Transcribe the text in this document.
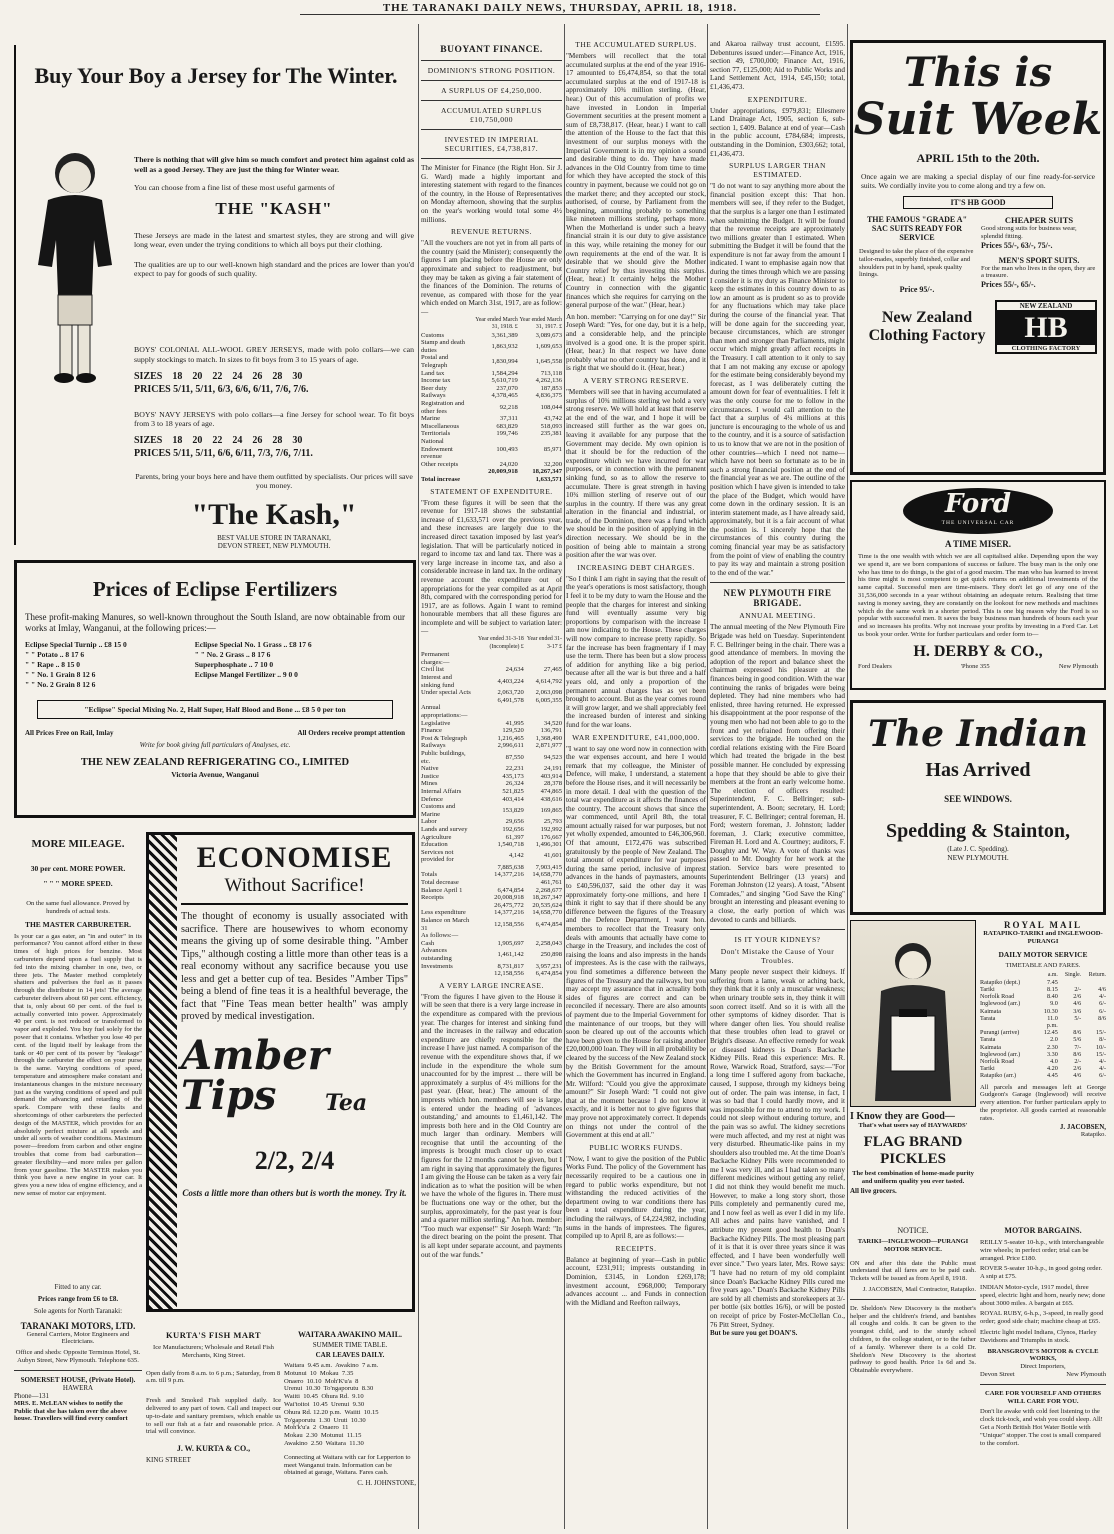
THE TARANAKI DAILY NEWS, THURSDAY, APRIL 18, 1918.
Buy Your Boy a Jersey for The Winter.

There is nothing that will give him so much comfort and protect him against cold as well as a good Jersey. They are just the thing for Winter wear.

You can choose from a fine list of these most useful garments of

THE "KASH"

These Jerseys are made in the latest and smartest styles, they are strong and will give long wear, even under the trying conditions to which all boys put their clothing.

The qualities are up to our well-known high standard and the prices are lower than you'd expect to pay for goods of such quality.

BOYS' COLONIAL ALL-WOOL GREY JERSEYS, made with polo collars—we can supply stockings to match. In sizes to fit boys from 3 to 15 years of age.

SIZES    18    20    22    24    26    28    30
PRICES 5/11, 5/11, 6/3, 6/6, 6/11, 7/6, 7/6.

BOYS' NAVY JERSEYS with polo collars—a fine Jersey for school wear. To fit boys from 3 to 18 years of age.

SIZES    18    20    22    24    26    28    30
PRICES 5/11, 5/11, 6/6, 6/11, 7/3, 7/6, 7/11.

Parents, bring your boys here and have them outfitted by specialists. Our prices will save you money.

"The Kash,"
BEST VALUE STORE IN TARANAKI,
DEVON STREET, NEW PLYMOUTH.
Prices of Eclipse Fertilizers

These profit-making Manures, so well-known throughout the South Island, are now obtainable from our works at Imlay, Wanganui, at the following prices:—

Eclipse Special Turnip .. £8 15 0
" " Potato .. 8 17 6
" " Rape .. 8 15 0
" " No. 1 Grain 8 12 6
" " No. 2 Grain 8 12 6
Eclipse Special No. 1 Grass .. £8 17 6
" " No. 2 Grass .. 8 17 6
Superphosphate .. 7 10 0
Eclipse Mangel Fertilizer .. 9 0 0
"Eclipse" Special Mixing No. 2, Half Super, Half Blood and Bone ... £8 5 0 per ton
All Prices Free on Rail, Imlay	All Orders receive prompt attention
Write for book giving full particulars of Analyses, etc.
THE NEW ZEALAND REFRIGERATING CO., LIMITED
Victoria Avenue, Wanganui
MORE MILEAGE.
30 per cent. MORE POWER.
" " " MORE SPEED.

On the same fuel allowance. Proved by hundreds of actual tests.

THE MASTER CARBURETER.

Is your car a gas eater, an "in and outer" in its performance? You cannot afford either in these times of high prices for benzine. Most carbureters depend upon a fuel supply that is fed into the mixing chamber in one, two, or three jets. The Master method completely shatters and pulverises the fuel as it passes through the distributor in 14 jets! The average carbureter delivers about 60 per cent. efficiency, that is, only about 60 per cent. of the fuel is actually converted into power. Approximately 40 per cent. is not reduced or transformed to vapor and exploded. You buy fuel solely for the power that it contains. Whether you lose 40 per cent. of the liquid itself by leakage from the tank or 40 per cent of its power by "leakage" through the carbureter the effect on your purse is the same. Varying conditions of speed, temperature and atmosphere make constant and instantaneous changes in the mixture necessary just as the varying conditions of speed and pull demand the advancing and retarding of the spark. Compare with these faults and shortcomings of other carbureters the perfected design of the MASTER, which provides for an absolutely perfect mixture at all speeds and under all sorts of weather conditions. Maximum power—freedom from carbon and other engine troubles that come from bad carburation—greater flexibility—and more miles per gallon from your gasoline. The MASTER makes you think you have a new engine in your car. It gives you a new idea of engine efficiency, and a new sense of motor car enjoyment.

Fitted to any car.
Prices range from £6 to £8.
Sole agents for North Taranaki:
TARANAKI MOTORS, LTD.

General Carriers, Motor Engineers and Electricians.

Office and sheds: Opposite Terminus Hotel, St. Aubyn Street, New Plymouth. Telephone 635.

SOMERSET HOUSE, (Private Hotel).
HAWERA
Phone—131

MRS. E. McLEAN wishes to notify the Public that she has taken over the above house. Travellers will find every comfort

ECONOMISE
Without Sacrifice!

The thought of economy is usually associated with sacrifice. There are housewives to whom economy means the giving up of some desirable thing. "Amber Tips," although costing a little more than other teas is a real economy without any sacrifice because you use less and get a better cup of tea. Besides "Amber Tips" being a blend of fine teas it is a healthful beverage, the fact that "Fine Teas mean better health" was amply proved by medical investigation.

Amber Tips	Tea
2/2, 2/4
Costs a little more than others but is worth the money. Try it.
KURTA'S FISH MART

Ice Manufacturers; Wholesale and Retail Fish Merchants, King Street.

Open daily from 8 a.m. to 6 p.m.; Saturday, from 8 a.m. till 9 p.m.

Fresh and Smoked Fish supplied daily. Ice delivered to any part of town. Call and inspect our up-to-date and sanitary premises, which enable us to sell our fish at a fair and reasonable price. A trial will convince.

J. W. KURTA & CO.,
KING STREET
WAITARA AWAKINO MAIL.
SUMMER TIME TABLE.
CAR LEAVES DAILY.
Waitara  9.45 a.m.  Awakino  7 a.m.
Motunui  10  Mokau  7.35
Onaero  10.10  Moh'K'u'a  8
Urenui  10.30  To'ngaporutu  8.30
Waiiti  10.45  Ohura Rd.  9.10
Wai'toitoi  10.45  Urenui  9.30
Ohura Rd. 12.20 p.m.  Waiiti  10.15
To'gaporutu  1.30  Uruti  10.30
Moh'k'u'a  2  Onaero  11
Mokau  2.30  Motunui  11.15
Awakino  2.50  Waitara  11.30

Connecting at Waitara with car for Lepperton to meet Wanganui train. Information can be obtained at garage, Waitara. Fares cash.

C. H. JOHNSTONE,
BUOYANT FINANCE.
DOMINION'S STRONG POSITION.
A SURPLUS OF £4,250,000.
ACCUMULATED SURPLUS £10,750,000
INVESTED IN IMPERIAL SECURITIES, £4,738,817.

The Minister for Finance (the Right Hon. Sir J. G. Ward) made a highly important and interesting statement with regard to the finances of the country, in the House of Representatives on Monday afternoon, showing that the surplus on the year's working would total some 4½ millions.

REVENUE RETURNS.

"All the vouchers are not yet in from all parts of the country (said the Minister); consequently the figures I am placing before the House are only approximate and subject to readjustment, but they may be taken as giving a fair statement of the finances of the Dominion. The returns of revenue, as compared with those for the year which ended on March 31st, 1917, are as follow:—

	Year ended March 31, 1918. £	Year ended March 31, 1917. £
Customs	3,361,389	3,089,673
Stamp and death duties	1,863,932	1,609,653
Postal and Telegraph	1,830,994	1,645,558
Land tax	1,584,294	713,118
Income tax	5,610,719	4,262,136
Beer duty	237,070	187,853
Railways	4,378,465	4,836,375
Registration and other fees	92,218	108,044
Marine	37,311	43,742
Miscellaneous	683,829	518,093
Territorials	199,746	235,381
National Endowment revenue	100,493	85,971
Other receipts	24,020	32,200
	20,009,918	18,267,347
Total increase		1,633,571
STATEMENT OF EXPENDITURE.

"From these figures it will be seen that the revenue for 1917-18 shows the substantial increase of £1,633,571 over the previous year, and these increases are largely due to the increased direct taxation imposed by last year's legislation. That will be particularly noticed in regard to income tax and land tax. There was a very large increase in income tax, and also a considerable increase in land tax. In the ordinary revenue account the expenditure out of appropriations for the year compiled as at April 8th, compared with the corresponding period for 1917, are as follows. Again I want to remind honourable members that all these figures are incomplete and will be subject to variation later:—

	Year ended 31-3-18 (Incomplete) £	Year ended 31-3-17 £
Permanent charges:—		
Civil list	24,634	27,465
Interest and sinking fund	4,403,224	4,614,792
Under special Acts	2,063,720	2,063,098
	6,491,578	6,005,355
Annual appropriations:—		
Legislative	41,995	34,520
Finance	129,520	136,791
Post & Telegraph	1,216,465	1,368,490
Railways	2,996,611	2,871,977
Public buildings, etc.	87,550	94,523
Native	22,231	24,191
Justice	435,173	403,914
Mines	26,324	28,378
Internal Affairs	521,825	474,865
Defence	403,414	438,616
Customs and Marine	153,829	169,865
Labor	29,656	25,793
Lands and survey	192,656	192,992
Agriculture	61,397	176,667
Education	1,540,718	1,496,301
Services not provided for	4,142	41,601
	7,885,638	7,903,415
Totals	14,377,216	14,658,770
Total decrease		461,761
Balance April 1	6,474,854	2,268,677
Receipts	20,008,918	18,267,347
	26,475,772	20,535,624
Less expenditure	14,377,216	14,658,770
Balance on March 31	12,158,556	6,474,854
As follows:—		
Cash	1,905,697	2,258,043
Advances outstanding	1,461,142	250,898
Investments	8,731,817	3,957,231
	12,158,556	6,474,854
A VERY LARGE INCREASE.

"From the figures I have given to the House it will be seen that there is a very large increase in the expenditure as compared with the previous year. The charges for interest and sinking fund and the increases in the railway and education expenditure are chiefly responsible for the increase I have just named. A comparison of the revenue with the expenditure shows that, if we include in the expenditure the whole sum unaccounted for by the imprest ... there will be approximately a surplus of 4½ millions for the past year. (Hear, hear.) The amount of the imprests which hon. members will see is large, is entered under the heading of 'advances outstanding,' and amounts to £1,461,142. The imprests both here and in the Old Country are much larger than ordinary. Members will recognise that until the accounting of the imprests is brought much closer up to exact figures for the 12 months cannot be given, but I am right in saying that approximately the figures I am giving the House can be taken as a very fair indication as to what the position will be when we have the whole of the figures in. There must be fluctuations one way or the other, but the surplus, approximately, for the past year is four and a quarter million sterling." An hon. member: "Too much war expense!" Sir Joseph Ward: "In the direct bearing on the point the present. That is all kept under separate account, and payments out of the war funds."

THE ACCUMULATED SURPLUS.

"Members will recollect that the total accumulated surplus at the end of the year 1916-17 amounted to £6,474,854, so that the total accumulated surplus at the end of 1917-18 is approximately 10¾ million sterling. (Hear, hear.) Out of this accumulation of profits we have invested in London in Imperial Government securities at the present moment a sum of £8,738,817. (Hear, hear.) I want to call the attention of the House to the fact that this investment of our surplus moneys with the Imperial Government is in my opinion a sound and desirable thing to do. They have made advances in the Old Country from time to time for which they have accepted the stock of this country in payment, because we could not go on the market there; and they accepted our stock, authorised, of course, by Parliament from the beginning, amounting probably to something like nineteen millions sterling, perhaps more. When the Motherland is under such a heavy financial strain it is our duty to give assistance in this way, while retaining the money for our own requirements at the end of the war. It is desirable that we should give the Mother Country relief by thus investing this surplus. (Hear, hear.) It certainly helps the Mother Country in connection with the gigantic finances which she requires for carrying on the general purpose of the war." (Hear, hear.)

An hon. member: "Carrying on for one day!" Sir Joseph Ward: "Yes, for one day, but it is a help, and a considerable help, and the principle involved is a good one. It is the proper spirit. (Hear, hear.) In that respect we have done probably what no other country has done, and it is right that we should do it. (Hear, hear.)

A VERY STRONG RESERVE.

"Members will see that in having accumulated a surplus of 10¾ millions sterling we hold a very strong reserve. We will hold at least that reserve at the end of the war, and I hope it will be increased still further as the war goes on, leaving it available for any purpose that the Government may decide. My own opinion is that it should be for the reduction of the expenditure which we have incurred for war purposes, or in connection with the permanent sinking fund, so as to allow the reserve to accumulate. There is great strength in having 10¾ million sterling of reserve out of our surplus in the country. If there was any great alteration in the financial and industrial, or trade, of the Dominion, there was a fund which we should be in the position of applying in the direction necessary. We should be in the position of being able to maintain a strong position after the war was over.

INCREASING DEBT CHARGES.

"So I think I am right in saying that the result of the year's operations is most satisfactory, though I feel it to be my duty to warn the House and the people that the charges for interest and sinking fund will eventually assume very big proportions by comparison with the increase I am now indicating to the House. These charges will now compare to increase pretty rapidly. So far the increase has been fragmentary if I may use the term. There has been but a slow process of addition for anything like a big period, because after all the war is but three and a half years old, and only a proportion of the permanent annual charges has as yet been brought to account. But as the year comes round it will grow larger, and we shall appreciably feel the increased burden of interest and sinking fund for the war loans.

WAR EXPENDITURE, £41,000,000.

"I want to say one word now in connection with the war expenses account, and here I would remark that my colleague, the Minister of Defence, will make, I understand, a statement before the House rises, and it will necessarily be in more detail. I deal with the question of the total war expenditure as it affects the finances of the country. The account shows that since the war commenced, until April 8th, the total amount actually raised for war purposes, but not yet wholly expended, amounted to £46,306,960. Of that amount, £172,476 was subscribed gratuitously by the people of New Zealand. The total amount of expenditure for war purposes during the same period, inclusive of imprest advances in the hands of paymasters, amounts to £40,596,037, said the other day it was approximately forty-one millions, and here I think it right to say that if there should be any difference between the figures of the Treasury and the Defence Department, I want hon. members to recollect that the Treasury only deals with amounts that actually have come to charge in the Treasury, and includes the cost of raising the loans and also imprests in the hands of imprestees. As is the case with the railways, you find sometimes a difference between the figures of the Treasury and the railways, but you may accept my assurance that in actuality both sides of figures are correct and can be reconciled if necessary. There are also amounts of payment due to the Imperial Government for the maintenance of our troops, but they will soon be cleared up out of the accounts which have been given to the House for raising another £20,000,000 loan. They will in all probability be cleared by the success of the New Zealand stock by the British Government for the amount which the Government has incurred in England. Mr. Wilford: "Could you give the approximate amount?" Sir Joseph Ward: "I could not give that at the moment because I do not know it exactly, and it is better not to give figures that may prove not approximately correct. It depends on things not under the control of the Government at this end at all."

PUBLIC WORKS FUNDS.

"Now, I want to give the position of the Public Works Fund. The policy of the Government has necessarily required to be a cautious one in regard to public works expenditure, but not withstanding the reduced activities of the department owing to war conditions there has been a total expenditure during the year, including the railways, of £4,224,982, including sums in the hands of imprestees. The figures, compiled up to April 8, are as follows:—

RECEIPTS.

Balance at beginning of year—Cash in public account, £231,911; imprests outstanding in Dominion, £3145, in London £269,178; investment account, £968,000; Temporary advances account ... and Funds in connection with the Midland and Reefton railways,

and Akaroa railway trust account, £1595. Debentures issued under:—Finance Act, 1916, section 49, £700,000; Finance Act, 1916, section 77, £125,000; Aid to Public Works and Land Settlement Act, 1914, £45,150; total, £1,436,473.

EXPENDITURE.

Under appropriations, £979,831; Ellesmere Land Drainage Act, 1905, section 6, sub-section 1, £409. Balance at end of year—Cash in the public account, £784,684; imprests, outstanding in the Dominion, £303,662; total, £1,436,473.

SURPLUS LARGER THAN ESTIMATED.

"I do not want to say anything more about the financial position except this: That hon. members will see, if they refer to the Budget, that the surplus is a larger one than I estimated when submitting the Budget. It will be found that the revenue receipts are approximately two millions greater than I estimated. When submitting the Budget it will be found that the expenditure is not far away from the amount I indicated. I want to emphasise again now that during the times through which we are passing I consider it is my duty as Finance Minister to keep the estimates in this country down to as low an amount as is prudent so as to provide for any fluctuations which may take place during the course of the financial year. That will be done again for the succeeding year, because circumstances, which are stronger than men and stronger than Parliaments, might occur which might greatly affect receipts in the Treasury. I call attention to it only to say that I am not making any excuse or apology for the estimate being considerably beyond my forecast, as I was deliberately cutting the amount down for fear of eventualities. I felt it was the only course for me to follow in the circumstances. I would call attention to the fact that a surplus of 4¼ millions at this juncture is encouraging to the whole of us and to the country, and it is a source of satisfaction to us to know that we are not in the position of other countries—which I need not name—which have not been so fortunate as to be in such a strong financial position at the end of the financial year as we are. The outline of the position which I have given is intended to take the place of the Budget, which would have come down in the ordinary session. It is an interim statement made, as I have already said, approximately, but it is a fair account of what the position is. I sincerely hope that the circumstances of this country during the coming financial year may be as satisfactory from the point of view of enabling the country to pay its way and maintain a strong position to the end of the war."

NEW PLYMOUTH FIRE BRIGADE.
ANNUAL MEETING.

The annual meeting of the New Plymouth Fire Brigade was held on Tuesday. Superintendent F. C. Bellringer being in the chair. There was a good attendance of members. In moving the adoption of the report and balance sheet the chairman expressed his pleasure at the finances being in good condition. With the war continuing the ranks of brigades were being depleted. They had nine members who had enlisted, three having returned. He expressed his disappointment at the poor response of the young men who had not been able to go to the front and yet refrained from offering their services to the brigade. He touched on the cordial relations existing with the Fire Board which had treated the brigade in the best possible manner. He concluded by expressing a hope that they should be able to give their members at the front an early welcome home. The election of officers resulted: Superintendent, F. C. Bellringer; sub-superintendent, A. Boon; secretary, H. Lord; treasurer, F. C. Bellringer; central foreman, H. Ford; western foreman, J. Johnston; ladder foreman, J. Clark; executive committee, Fireman H. Lord and A. Courtney; auditors, F. Doughty and W. Way. A vote of thanks was passed to Mr. Doughty for her work at the station. Service bars were presented to Superintendent Bellringer (13 years) and Foreman Johnston (12 years). A toast, "Absent Comrades," and singing "God Save the King" brought an interesting and pleasant evening to a close, the early portion of which was devoted to cards and billiards.

IS IT YOUR KIDNEYS?
Don't Mistake the Cause of Your Troubles.

Many people never suspect their kidneys. If suffering from a lame, weak or aching back, they think that it is only a muscular weakness; when urinary trouble sets in, they think it will soon correct itself. And so it is with all the other symptoms of kidney disorder. That is where danger often lies. You should realise that these troubles often lead to gravel or Bright's disease. An effective remedy for weak or diseased kidneys is Doan's Backache Kidney Pills. Read this experience: Mrs. R. Rowe, Warwick Road, Stratford, says:—"For a long time I suffered agony from backache, caused, I suppose, through my kidneys being out of order. The pain was intense, in fact, I was so bad that I could hardly move, and it was impossible for me to attend to my work. I could not sleep without enduring torture, and the pain was so awful. The kidney secretions were much affected, and my rest at night was very disturbed. Rheumatic-like pains in my shoulders also troubled me. At the time Doan's Backache Kidney Pills were recommended to me I was very ill, and as I had taken so many different medicines without getting any relief, I did not think they would benefit me much. However, to make a long story short, those Pills completely and permanently cured me, and I now feel as well as ever I did in my life. All aches and pains have vanished, and I attribute my present good health to Doan's Backache Kidney Pills. The most pleasing part of it is that it is over three years since it was effected, and I have been wonderfully well ever since." Two years later, Mrs. Rowe says: "I have had no return of my old complaint since Doan's Backache Kidney Pills cured me five years ago." Doan's Backache Kidney Pills are sold by all chemists and storekeepers at 3/- per bottle (six bottles 16/6), or will be posted on receipt of price by Foster-McClellan Co., 76 Pitt Street, Sydney.

But be sure you get DOAN'S.
This is
Suit Week
APRIL 15th to the 20th.

Once again we are making a special display of our fine ready-for-service suits. We cordially invite you to come along and try a few on.

IT'S HB GOOD
THE FAMOUS "GRADE A" SAC SUITS READY FOR SERVICE

Designed to take the place of the expensive tailor-mades, superbly finished, collar and shoulders put in by hand, speak quality linings.

Price 95/-.
CHEAPER SUITS

Good strong suits for business wear, splendid fitting.

Prices 55/-, 63/-, 75/-.
MEN'S SPORT SUITS.

For the man who lives in the open, they are a treasure.

Prices 55/-, 65/-.
New Zealand
Clothing Factory
NEW ZEALAND
HB
CLOTHING FACTORY
Ford
THE UNIVERSAL CAR
A TIME MISER.

Time is the one wealth with which we are all capitalised alike. Depending upon the way we spend it, are we born companions of success or failure. The busy man is the only one who has time to do things, is the gist of a good maxim. The man who has learned to invest his time might is most competent to get quick returns on additional investments of the same capital. Successful men are time-misers. They don't let go of any one of the 31,536,000 seconds in a year without obtaining an adequate return. Realising that time saving is money saving, they are constantly on the lookout for new methods and machines which do the same work in a shorter period. This is one big reason why the Ford is so popular with successful men. It saves the busy business man hundreds of hours each year and so increases his profits. Why not increase your profits by investing in a Ford Car. Let us book your order. Write for further particulars and order form to—

H. DERBY & CO.,
Ford Dealers	'Phone 355	New Plymouth
The Indian
Has Arrived
SEE WINDOWS.
Spedding & Stainton,
(Late J. C. Spedding).
NEW PLYMOUTH.
ROYAL MAIL
RATAPIKO-TARIKI and INGLEWOOD-PURANGI
DAILY MOTOR SERVICE
TIMETABLE AND FARES.
	a.m.	Single.	Return.
Ratapiko (dept.)	7.45		
Tariki	8.15	2/-	4/6
Norfolk Road	8.40	2/6	4/-
Inglewood (arr.)	9.0	4/6	6/-
Kaimata	10.30	3/6	6/-
Tarata	11.0	5/-	8/6
	p.m.		
Purangi (arrive)	12.45	8/6	15/-
Tarata	2.0	5/6	8/-
Kaimata	2.30	7/-	10/-
Inglewood (arr.)	3.30	8/6	15/-
Norfolk Road	4.0	2/-	4/-
Tariki	4.20	2/6	4/-
Ratapiko (arr.)	4.45	4/6	6/-

All parcels and messages left at George Gudgeon's Garage (Inglewood) will receive every attention. For further particulars apply to the proprietor. All goods carried at reasonable rates.

J. JACOBSEN,
Ratapiko.
I Know they are Good—
That's what users say of HAYWARDS'
FLAG BRAND PICKLES
The best combination of home-made purity and uniform quality you ever tasted.
All live grocers.
NOTICE.
TARIKI—INGLEWOOD—PURANGI MOTOR SERVICE.

ON and after this date the Public must understand that all fares are to be paid cash. Tickets will be issued as from April 8, 1918.

J. JACOBSEN, Mail Contractor, Ratapiko.

Dr. Sheldon's New Discovery is the mother's helper and the children's friend, and banishes all coughs and colds. It can be given to the youngest child, and to the sturdy school children, to the college student, or to the father of a family. Wherever there is a cold Dr. Sheldon's New Discovery is the shortest pathway to good health. Price 1s 6d and 3s. Obtainable everywhere.

MOTOR BARGAINS.

REILLY 5-seater 10-h.p., with interchangeable wire wheels; in perfect order; trial can be arranged. Price £180.

ROVER 5-seater 10-h.p., in good going order. A snip at £75.

INDIAN Motor-cycle, 1917 model, three speed, electric light and horn, nearly new; done about 3000 miles. A bargain at £65.

ROYAL RUBY, 6-h.p., 3-speed, in really good order; good side chair; machine cheap at £65.

Electric light model Indians, Clynos, Harley Davidsons and Triumphs in stock.

BRANSGROVE'S MOTOR & CYCLE WORKS,
Direct Importers,
Devon Street	New Plymouth
CARE FOR YOURSELF AND OTHERS WILL CARE FOR YOU.

Don't lie awake with cold feet listening to the clock tick-tock, and wish you could sleep. All! Get a North British Hot Water Bottle with "Unique" stopper. The cost is small compared to the comfort.
